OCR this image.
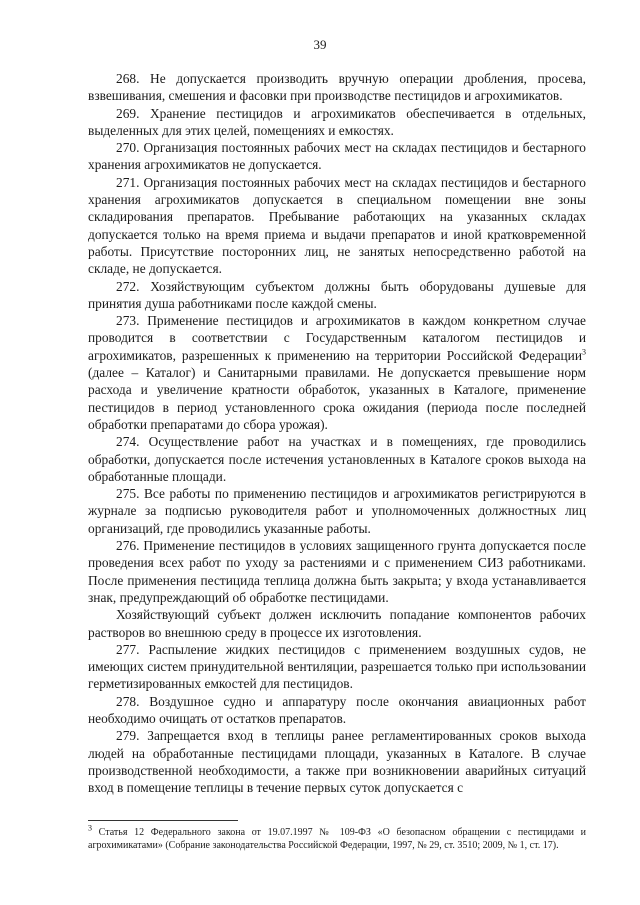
39

268. Не допускается производить вручную операции дробления, просева, взвешивания, смешения и фасовки при производстве пестицидов и агрохимикатов.

269. Хранение пестицидов и агрохимикатов обеспечивается в отдельных, выделенных для этих целей, помещениях и емкостях.

270. Организация постоянных рабочих мест на складах пестицидов и бестарного хранения агрохимикатов не допускается.

271. Организация постоянных рабочих мест на складах пестицидов и бестарного хранения агрохимикатов допускается в специальном помещении вне зоны складирования препаратов. Пребывание работающих на указанных складах допускается только на время приема и выдачи препаратов и иной кратковременной работы. Присутствие посторонних лиц, не занятых непосредственно работой на складе, не допускается.

272. Хозяйствующим субъектом должны быть оборудованы душевые для принятия душа работниками после каждой смены.

273. Применение пестицидов и агрохимикатов в каждом конкретном случае проводится в соответствии с Государственным каталогом пестицидов и агрохимикатов, разрешенных к применению на территории Российской Федерации$^3$ (далее – Каталог) и Санитарными правилами. Не допускается превышение норм расхода и увеличение кратности обработок, указанных в Каталоге, применение пестицидов в период установленного срока ожидания (периода после последней обработки препаратами до сбора урожая).

274. Осуществление работ на участках и в помещениях, где проводились обработки, допускается после истечения установленных в Каталоге сроков выхода на обработанные площади.

275. Все работы по применению пестицидов и агрохимикатов регистрируются в журнале за подписью руководителя работ и уполномоченных должностных лиц организаций, где проводились указанные работы.

276. Применение пестицидов в условиях защищенного грунта допускается после проведения всех работ по уходу за растениями и с применением СИЗ работниками. После применения пестицида теплица должна быть закрыта; у входа устанавливается знак, предупреждающий об обработке пестицидами.

Хозяйствующий субъект должен исключить попадание компонентов рабочих растворов во внешнюю среду в процессе их изготовления.

277. Распыление жидких пестицидов с применением воздушных судов, не имеющих систем принудительной вентиляции, разрешается только при использовании герметизированных емкостей для пестицидов.

278. Воздушное судно и аппаратуру после окончания авиационных работ необходимо очищать от остатков препаратов.

279. Запрещается вход в теплицы ранее регламентированных сроков выхода людей на обработанные пестицидами площади, указанных в Каталоге. В случае производственной необходимости, а также при возникновении аварийных ситуаций вход в помещение теплицы в течение первых суток допускается с

$^3$ Статья 12 Федерального закона от 19.07.1997 № 109-ФЗ «О безопасном обращении с пестицидами и агрохимикатами» (Собрание законодательства Российской Федерации, 1997, № 29, ст. 3510; 2009, № 1, ст. 17).
